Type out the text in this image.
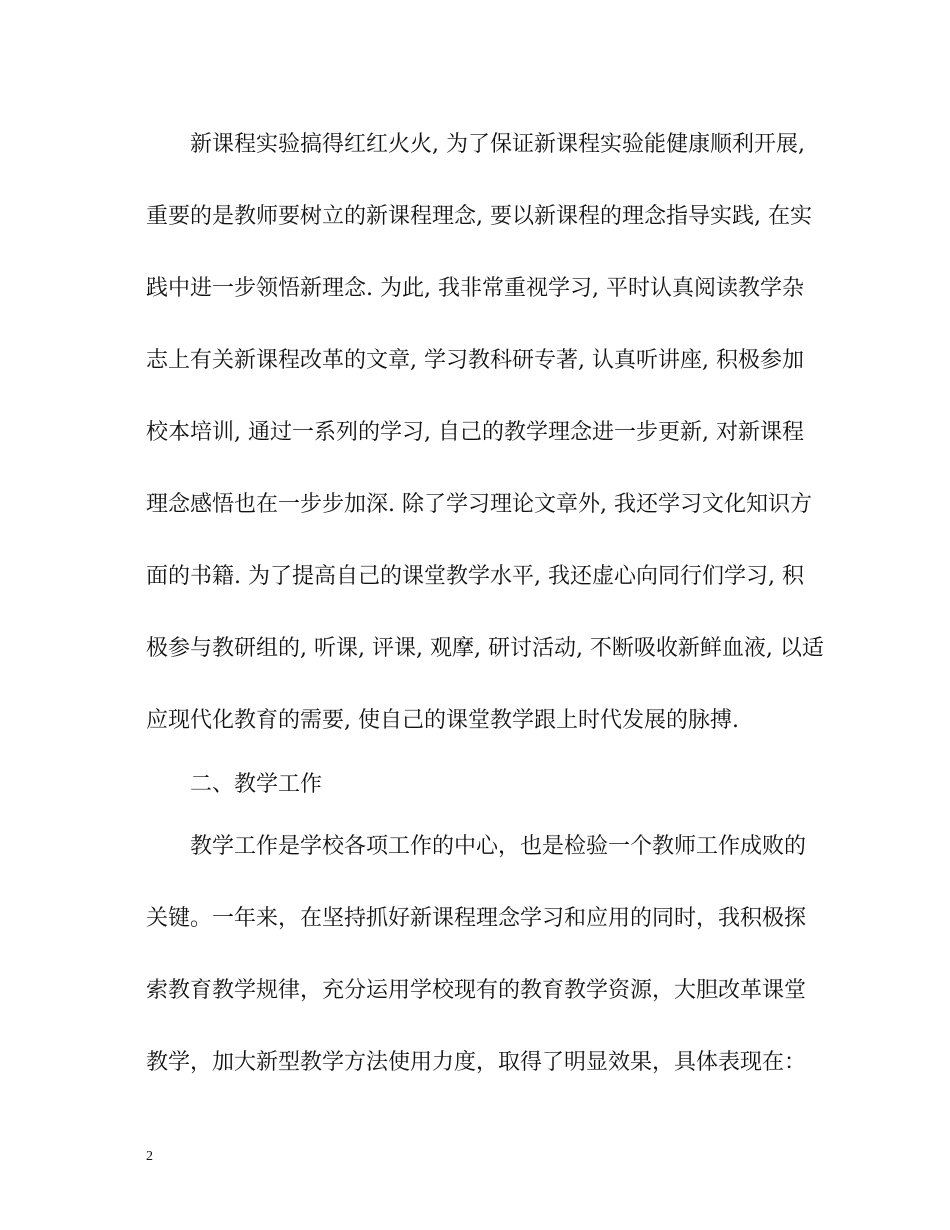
新课程实验搞得红红火火, 为了保证新课程实验能健康顺利开展,
重要的是教师要树立的新课程理念, 要以新课程的理念指导实践, 在实
践中进一步领悟新理念. 为此, 我非常重视学习, 平时认真阅读教学杂
志上有关新课程改革的文章, 学习教科研专著, 认真听讲座, 积极参加
校本培训, 通过一系列的学习, 自己的教学理念进一步更新, 对新课程
理念感悟也在一步步加深. 除了学习理论文章外, 我还学习文化知识方
面的书籍. 为了提高自己的课堂教学水平, 我还虚心向同行们学习, 积
极参与教研组的, 听课, 评课, 观摩, 研讨活动, 不断吸收新鲜血液, 以适
应现代化教育的需要, 使自己的课堂教学跟上时代发展的脉搏.
二、教学工作
教学工作是学校各项工作的中心，也是检验一个教师工作成败的
关键。一年来，在坚持抓好新课程理念学习和应用的同时，我积极探
索教育教学规律，充分运用学校现有的教育教学资源，大胆改革课堂
教学，加大新型教学方法使用力度，取得了明显效果，具体表现在：
2
